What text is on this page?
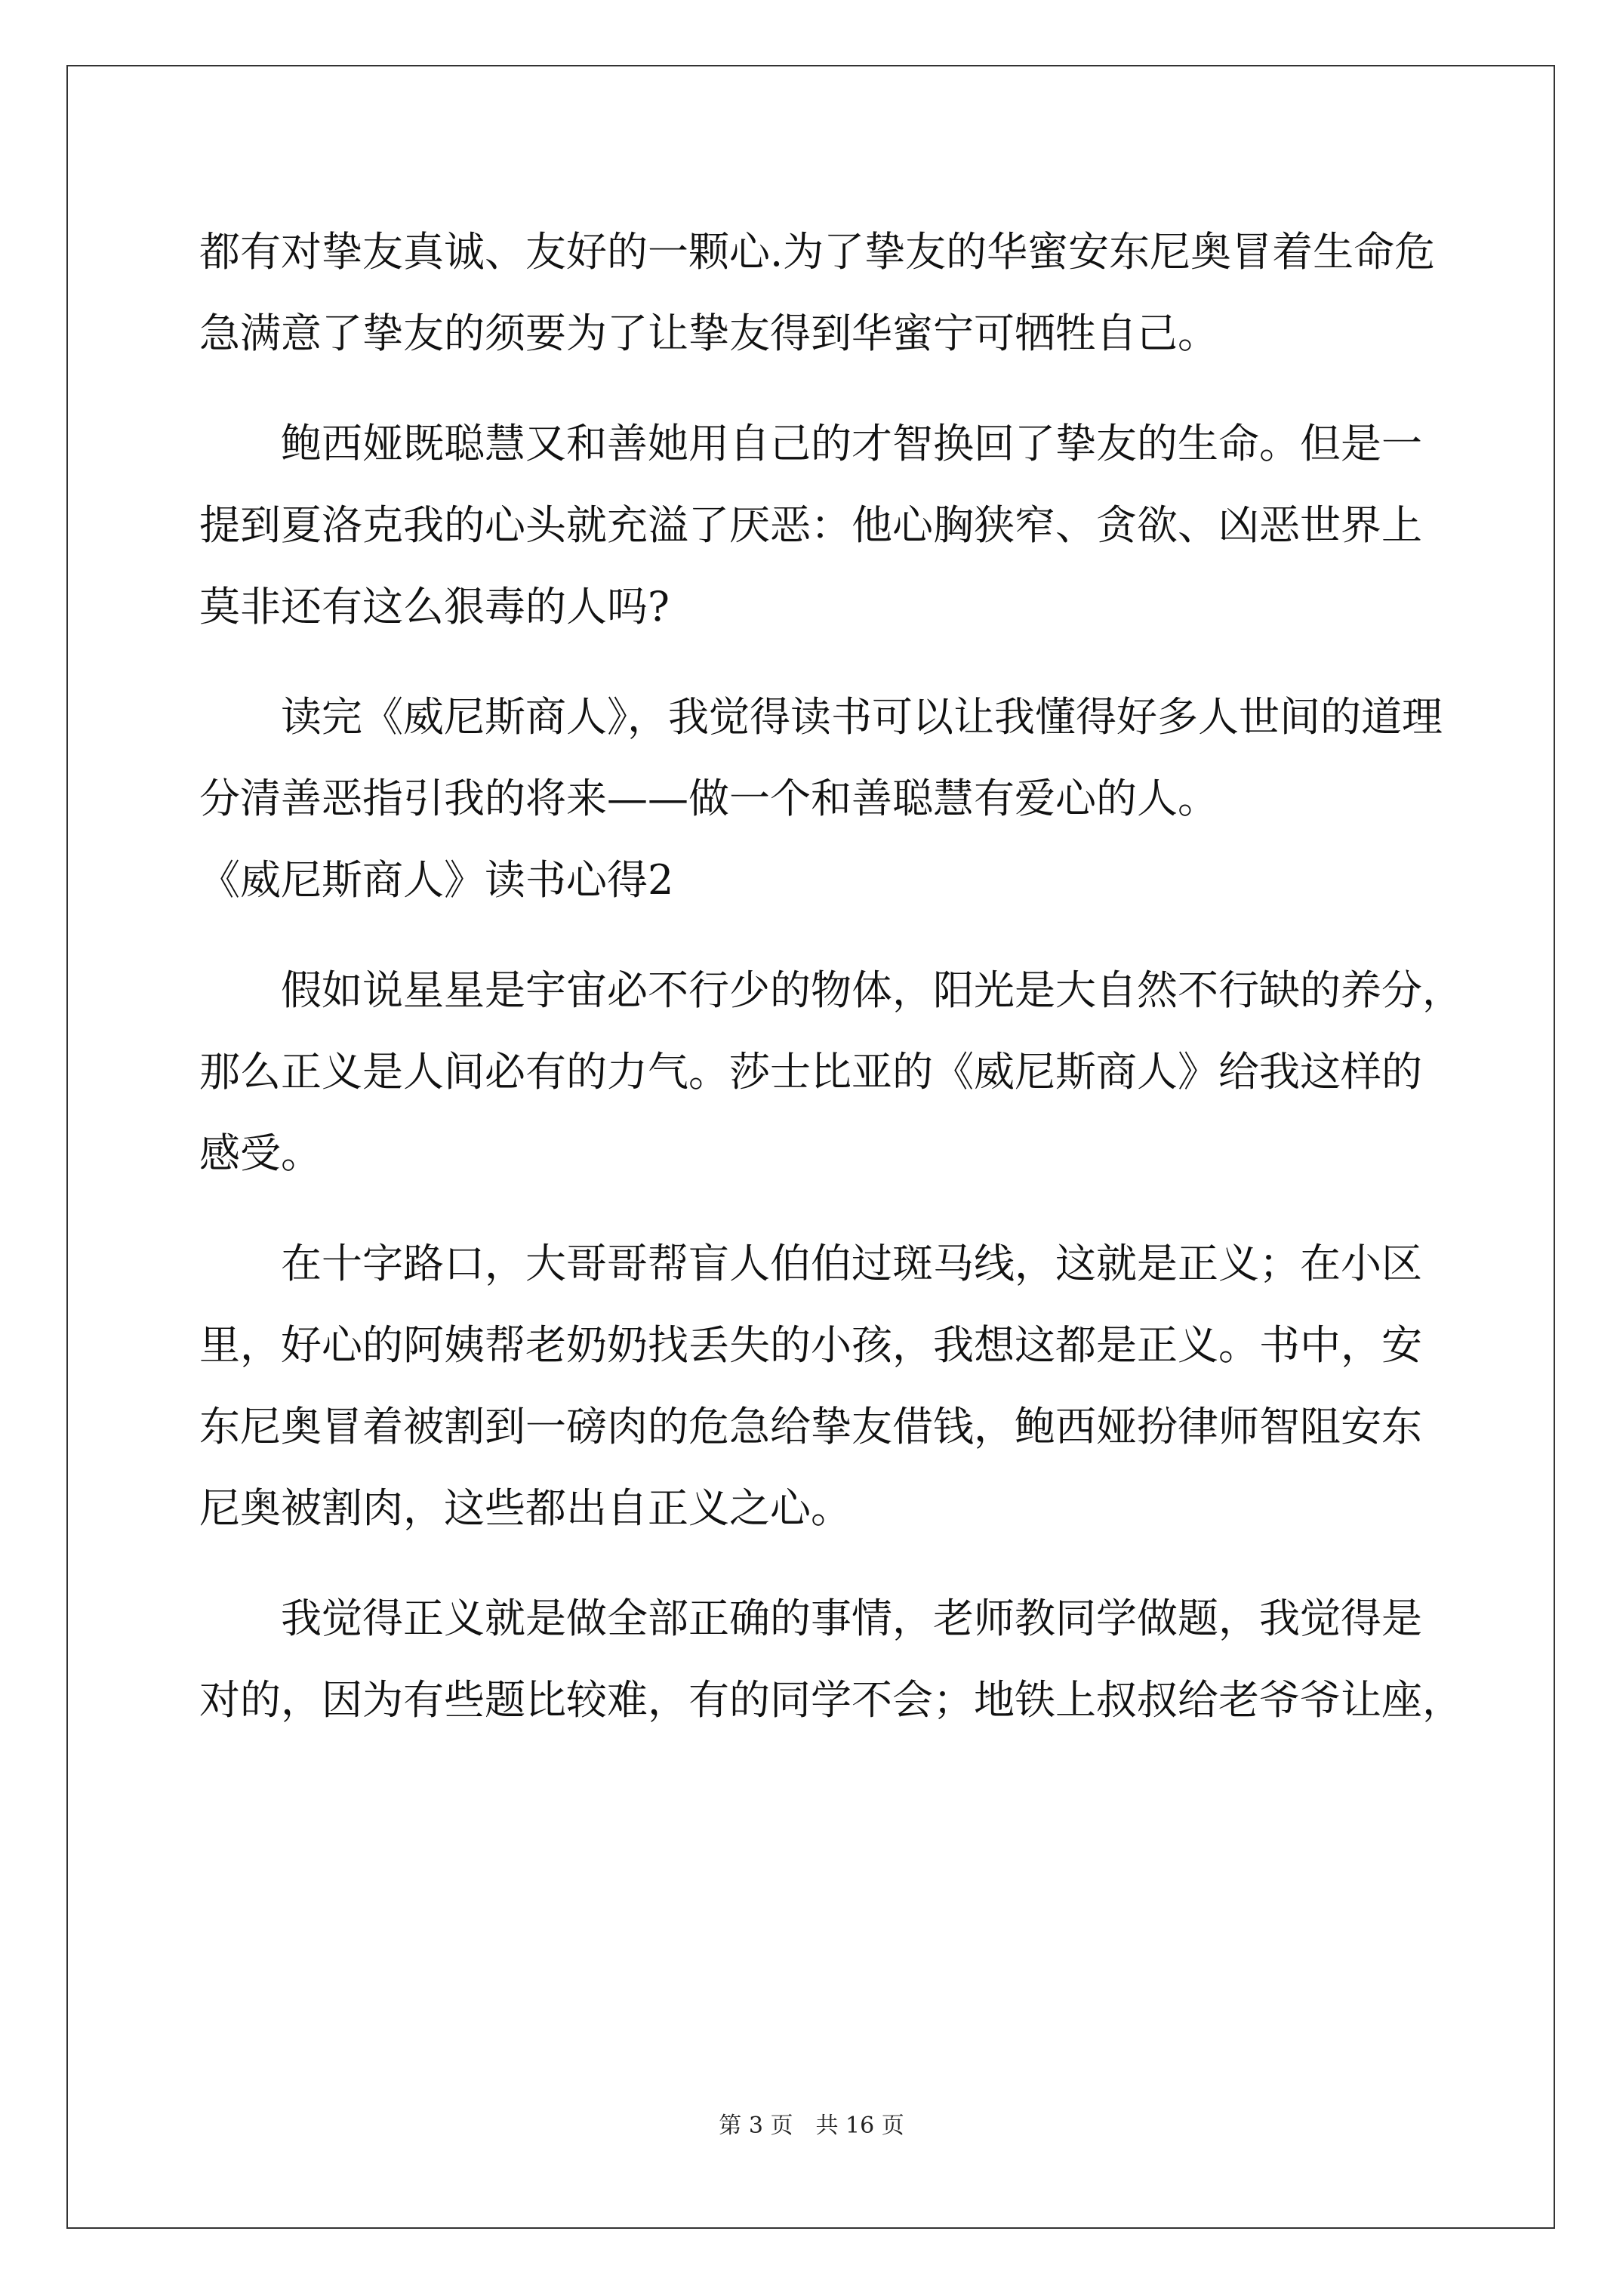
都有对挚友真诚、友好的一颗心.为了挚友的华蜜安东尼奥冒着生命危
急满意了挚友的须要为了让挚友得到华蜜宁可牺牲自己。
鲍西娅既聪慧又和善她用自己的才智换回了挚友的生命。但是一
提到夏洛克我的心头就充溢了厌恶：他心胸狭窄、贪欲、凶恶世界上
莫非还有这么狠毒的人吗?
读完《威尼斯商人》，我觉得读书可以让我懂得好多人世间的道理
分清善恶指引我的将来——做一个和善聪慧有爱心的人。
《威尼斯商人》读书心得2
假如说星星是宇宙必不行少的物体，阳光是大自然不行缺的养分，
那么正义是人间必有的力气。莎士比亚的《威尼斯商人》给我这样的
感受。
在十字路口，大哥哥帮盲人伯伯过斑马线，这就是正义；在小区
里，好心的阿姨帮老奶奶找丢失的小孩，我想这都是正义。书中，安
东尼奥冒着被割到一磅肉的危急给挚友借钱，鲍西娅扮律师智阻安东
尼奥被割肉，这些都出自正义之心。
我觉得正义就是做全部正确的事情，老师教同学做题，我觉得是
对的，因为有些题比较难，有的同学不会；地铁上叔叔给老爷爷让座，
第 3 页　共 16 页
